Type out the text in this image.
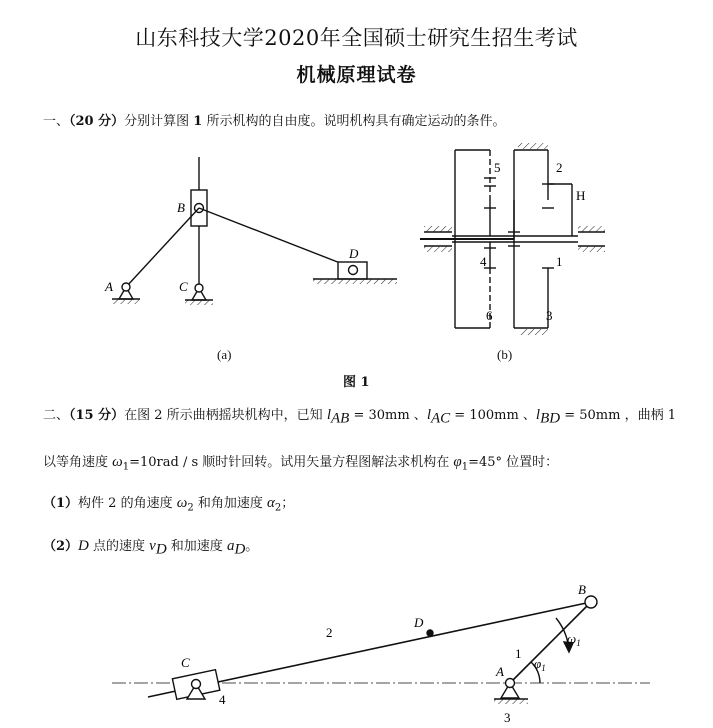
山东科技大学2020年全国硕士研究生招生考试
机械原理试卷
一、（20 分）分别计算图 1 所示机构的自由度。说明机构具有确定运动的条件。
A
B
C
D
5	2
H
4	1
6	3
B
D
2
1
C
4
A
3
$\omega_1$
$\varphi_1$
(a)	(b)
图 1
二、（15 分）在图 2 所示曲柄摇块机构中，已知 $l_{AB} = 30mm$ 、$l_{AC} = 100mm$ 、$l_{BD} = 50mm$ ，曲柄 1
以等角速度 $\omega_1=10rad / s$ 顺时针回转。试用矢量方程图解法求机构在 $\varphi_1=45^\circ$ 位置时：
（1）构件 2 的角速度 $\omega_2$ 和角加速度 $\alpha_2$；
（2）D 点的速度 $v_D$ 和加速度 $a_D$。
